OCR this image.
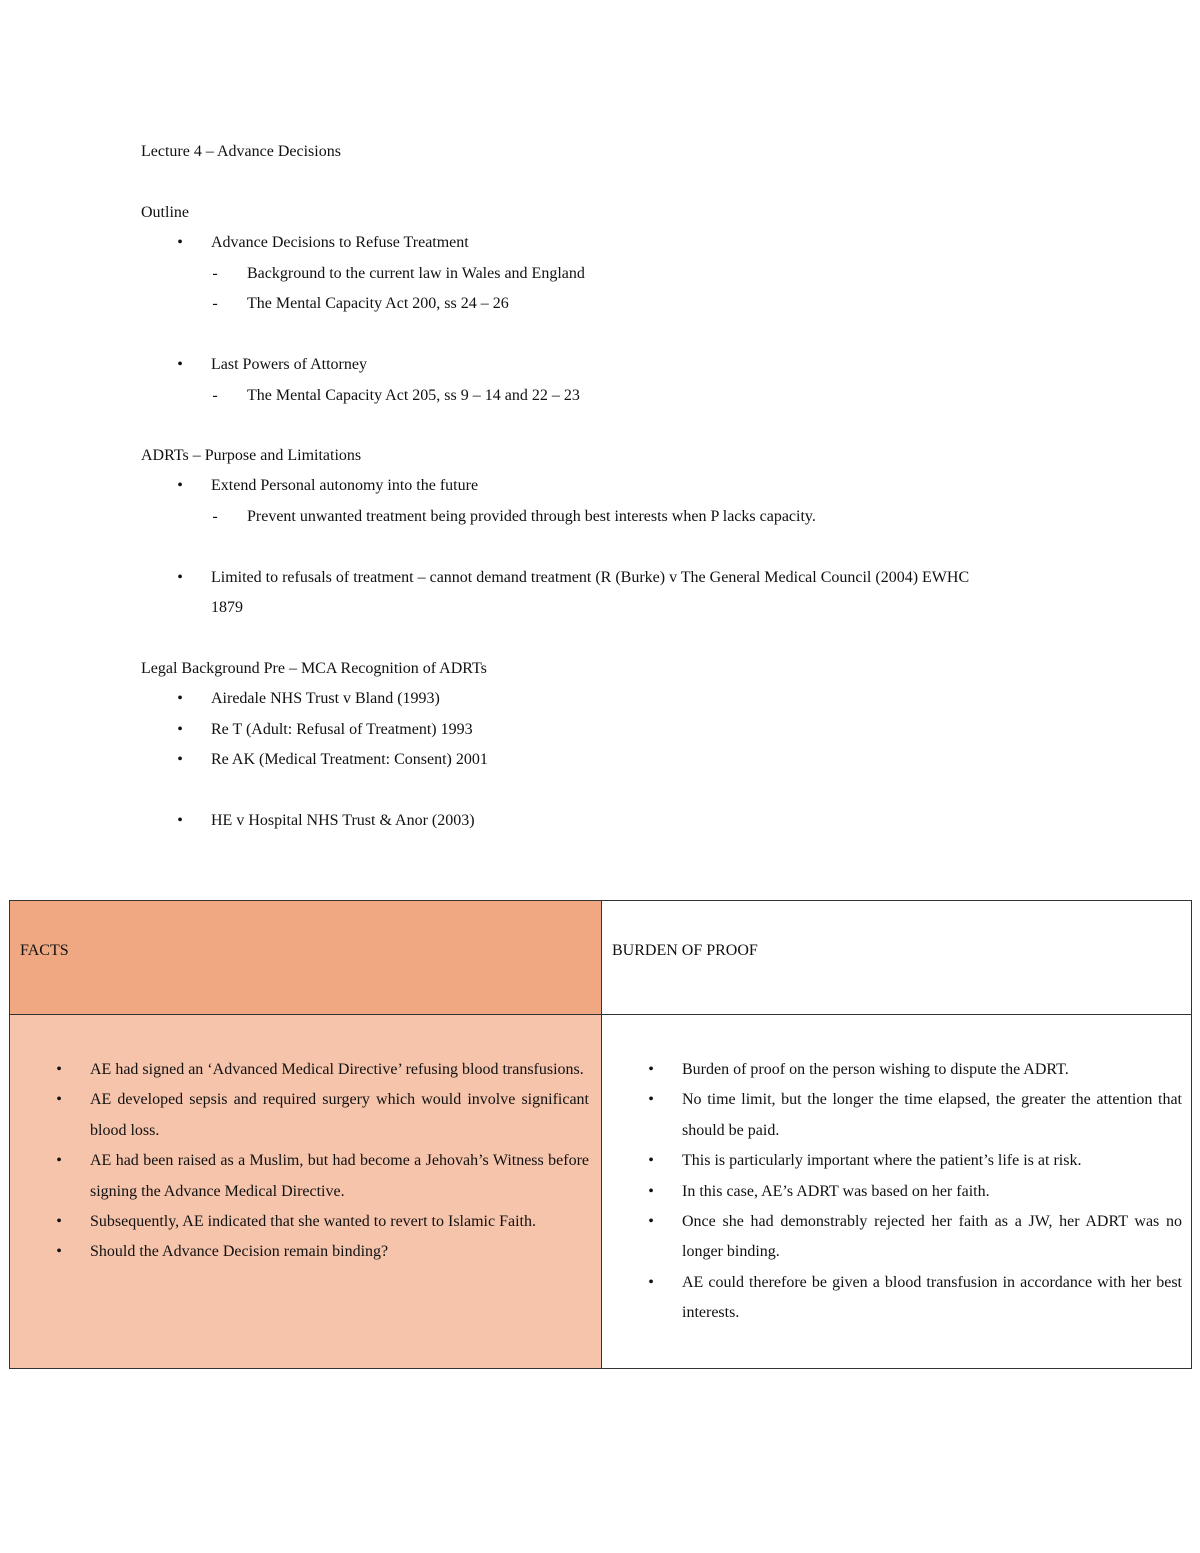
Lecture 4 – Advance Decisions
Outline
• Advance Decisions to Refuse Treatment
- Background to the current law in Wales and England
- The Mental Capacity Act 200, ss 24 – 26
• Last Powers of Attorney
- The Mental Capacity Act 205, ss 9 – 14 and 22 – 23
ADRTs – Purpose and Limitations
• Extend Personal autonomy into the future
- Prevent unwanted treatment being provided through best interests when P lacks capacity.
• Limited to refusals of treatment – cannot demand treatment (R (Burke) v The General Medical Council (2004) EWHC
1879
Legal Background Pre – MCA Recognition of ADRTs
• Airedale NHS Trust v Bland (1993)
• Re T (Adult: Refusal of Treatment) 1993
• Re AK (Medical Treatment: Consent) 2001
• HE v Hospital NHS Trust & Anor (2003)
FACTS	BURDEN OF PROOF
• AE had signed an ‘Advanced Medical Directive’ refusing blood transfusions.
• AE developed sepsis and required surgery which would involve significant blood loss.
• AE had been raised as a Muslim, but had become a Jehovah’s Witness before signing the Advance Medical Directive.
• Subsequently, AE indicated that she wanted to revert to Islamic Faith.
• Should the Advance Decision remain binding?
• Burden of proof on the person wishing to dispute the ADRT.
• No time limit, but the longer the time elapsed, the greater the attention that should be paid.
• This is particularly important where the patient’s life is at risk.
• In this case, AE’s ADRT was based on her faith.
• Once she had demonstrably rejected her faith as a JW, her ADRT was no longer binding.
• AE could therefore be given a blood transfusion in accordance with her best interests.
